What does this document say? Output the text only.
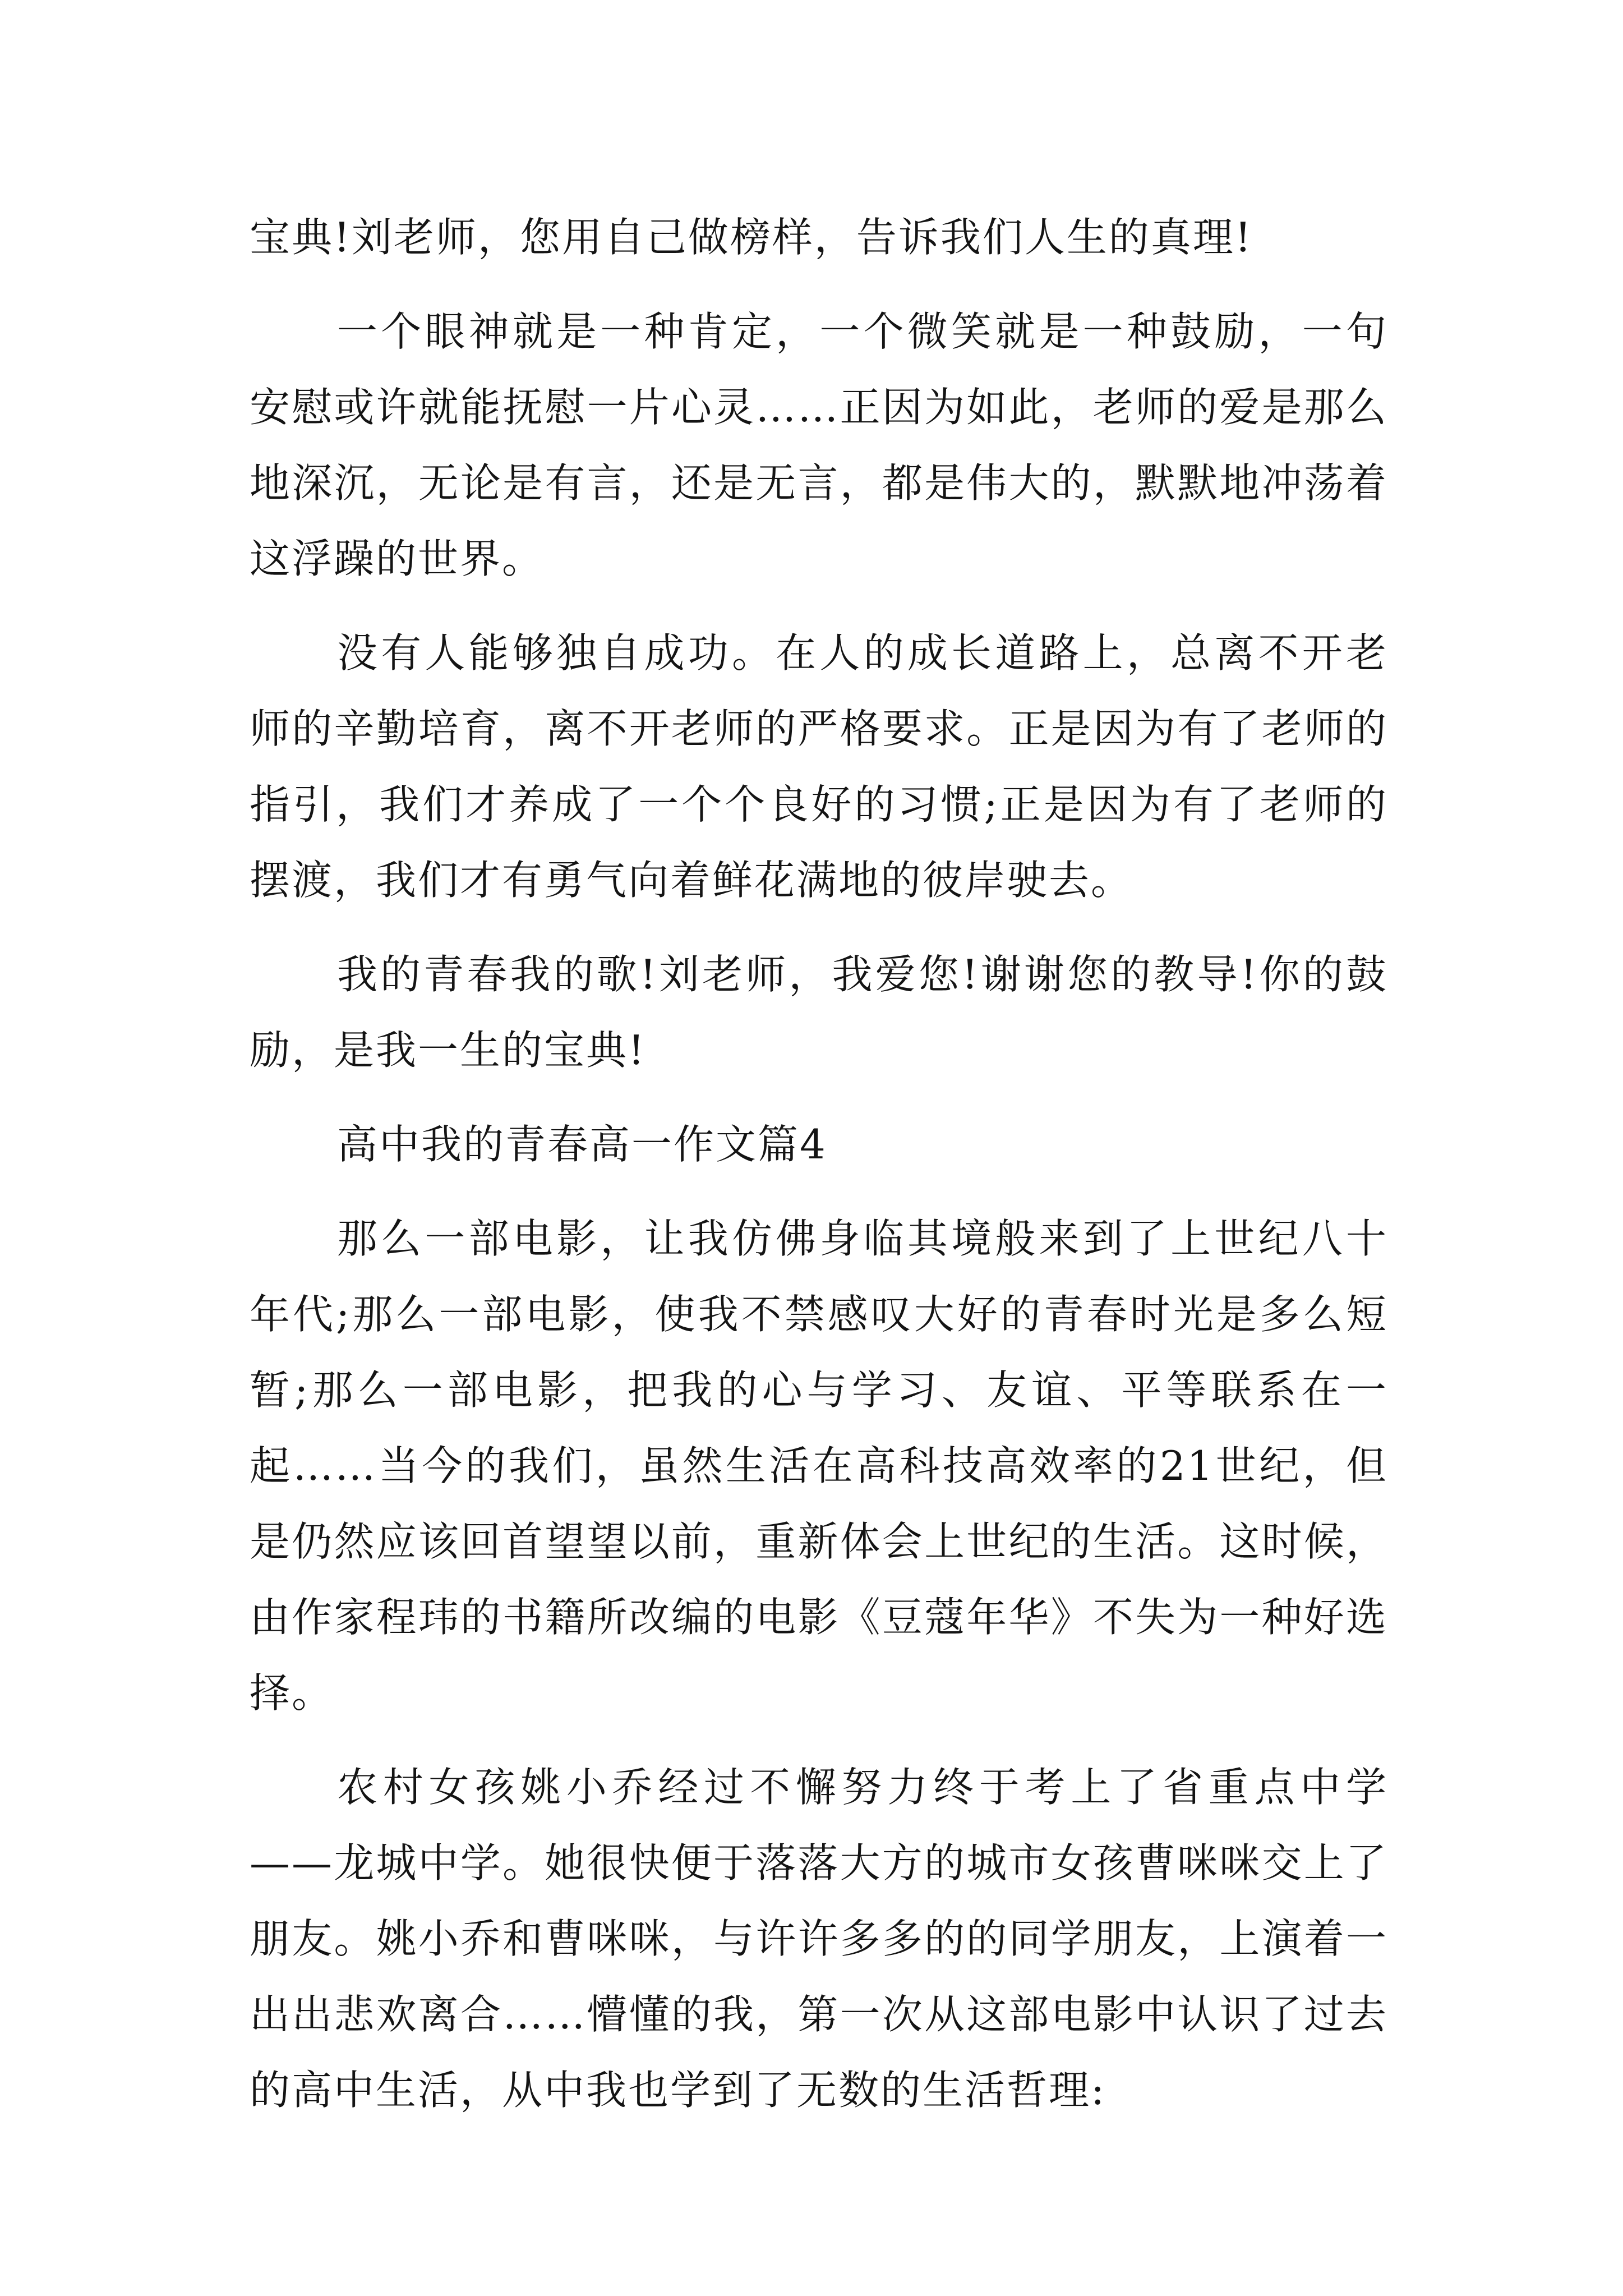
宝典!刘老师，您用自己做榜样，告诉我们人生的真理!

一个眼神就是一种肯定，一个微笑就是一种鼓励，一句安慰或许就能抚慰一片心灵……正因为如此，老师的爱是那么地深沉，无论是有言，还是无言，都是伟大的，默默地冲荡着这浮躁的世界。

没有人能够独自成功。在人的成长道路上，总离不开老师的辛勤培育，离不开老师的严格要求。正是因为有了老师的指引，我们才养成了一个个良好的习惯;正是因为有了老师的摆渡，我们才有勇气向着鲜花满地的彼岸驶去。

我的青春我的歌!刘老师，我爱您!谢谢您的教导!你的鼓励，是我一生的宝典!

高中我的青春高一作文篇4

那么一部电影，让我仿佛身临其境般来到了上世纪八十年代;那么一部电影，使我不禁感叹大好的青春时光是多么短暂;那么一部电影，把我的心与学习、友谊、平等联系在一起……当今的我们，虽然生活在高科技高效率的21世纪，但是仍然应该回首望望以前，重新体会上世纪的生活。这时候，由作家程玮的书籍所改编的电影《豆蔻年华》不失为一种好选择。

农村女孩姚小乔经过不懈努力终于考上了省重点中学——龙城中学。她很快便于落落大方的城市女孩曹咪咪交上了朋友。姚小乔和曹咪咪，与许许多多的的同学朋友，上演着一出出悲欢离合……懵懂的我，第一次从这部电影中认识了过去的高中生活，从中我也学到了无数的生活哲理:
